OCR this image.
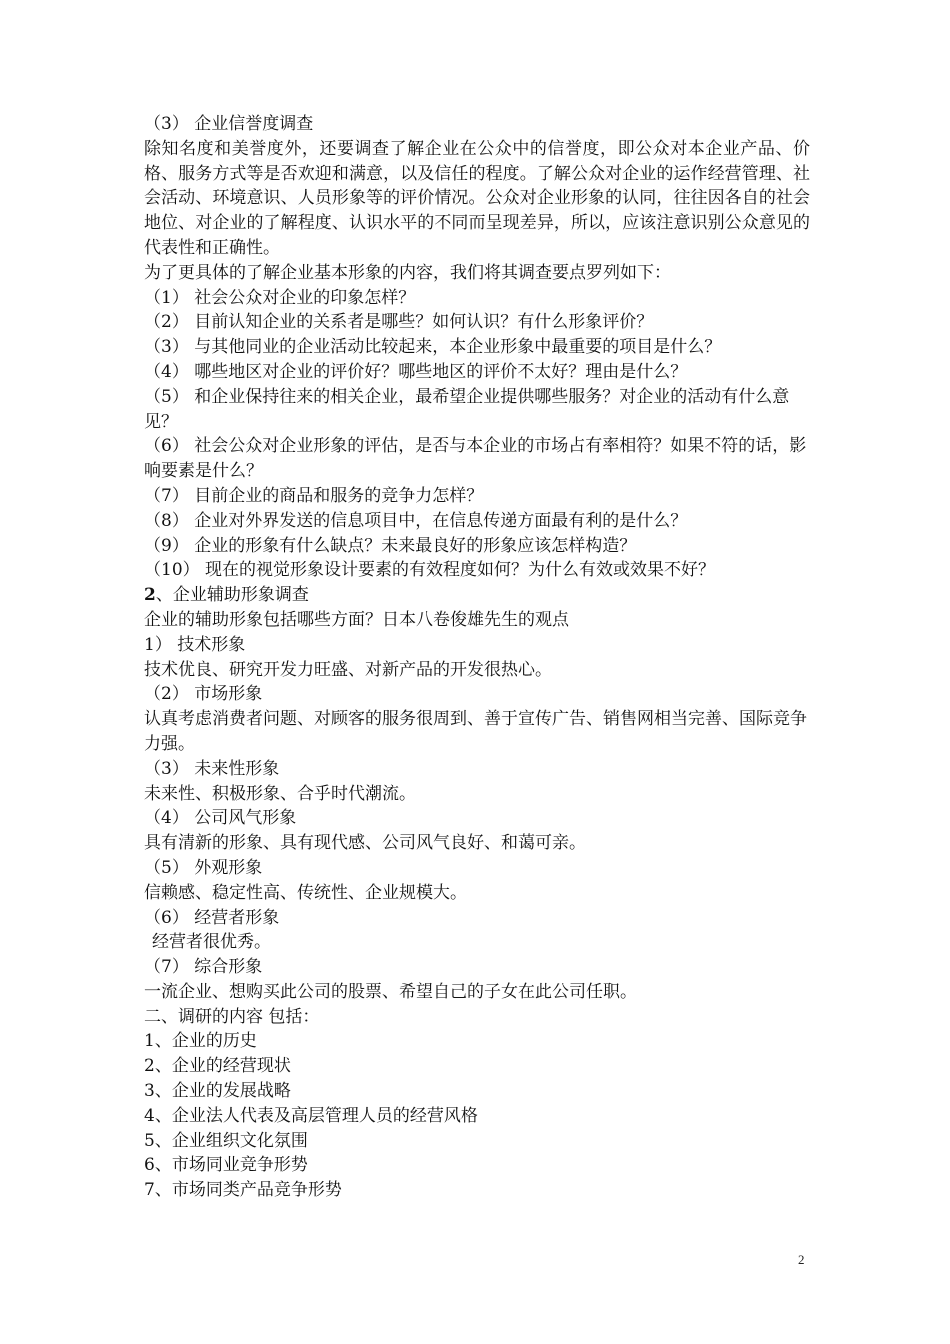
（3） 企业信誉度调查
除知名度和美誉度外，还要调查了解企业在公众中的信誉度，即公众对本企业产品、价格、服务方式等是否欢迎和满意，以及信任的程度。了解公众对企业的运作经营管理、社会活动、环境意识、人员形象等的评价情况。公众对企业形象的认同，往往因各自的社会地位、对企业的了解程度、认识水平的不同而呈现差异，所以，应该注意识别公众意见的代表性和正确性。
为了更具体的了解企业基本形象的内容，我们将其调查要点罗列如下：
（1） 社会公众对企业的印象怎样？
（2） 目前认知企业的关系者是哪些？如何认识？有什么形象评价？
（3） 与其他同业的企业活动比较起来，本企业形象中最重要的项目是什么？
（4） 哪些地区对企业的评价好？哪些地区的评价不太好？理由是什么？
（5） 和企业保持往来的相关企业，最希望企业提供哪些服务？对企业的活动有什么意见？
（6） 社会公众对企业形象的评估，是否与本企业的市场占有率相符？如果不符的话，影响要素是什么？
（7） 目前企业的商品和服务的竞争力怎样？
（8） 企业对外界发送的信息项目中，在信息传递方面最有利的是什么？
（9） 企业的形象有什么缺点？未来最良好的形象应该怎样构造？
（10） 现在的视觉形象设计要素的有效程度如何？为什么有效或效果不好？
2、企业辅助形象调查
企业的辅助形象包括哪些方面？日本八卷俊雄先生的观点
1） 技术形象
技术优良、研究开发力旺盛、对新产品的开发很热心。
（2） 市场形象
认真考虑消费者问题、对顾客的服务很周到、善于宣传广告、销售网相当完善、国际竞争力强。
（3） 未来性形象
未来性、积极形象、合乎时代潮流。
（4） 公司风气形象
具有清新的形象、具有现代感、公司风气良好、和蔼可亲。
（5） 外观形象
信赖感、稳定性高、传统性、企业规模大。
（6） 经营者形象
经营者很优秀。
（7） 综合形象
一流企业、想购买此公司的股票、希望自己的子女在此公司任职。
二、调研的内容 包括：
1、企业的历史
2、企业的经营现状
3、企业的发展战略
4、企业法人代表及高层管理人员的经营风格
5、企业组织文化氛围
6、市场同业竞争形势
7、市场同类产品竞争形势
2
